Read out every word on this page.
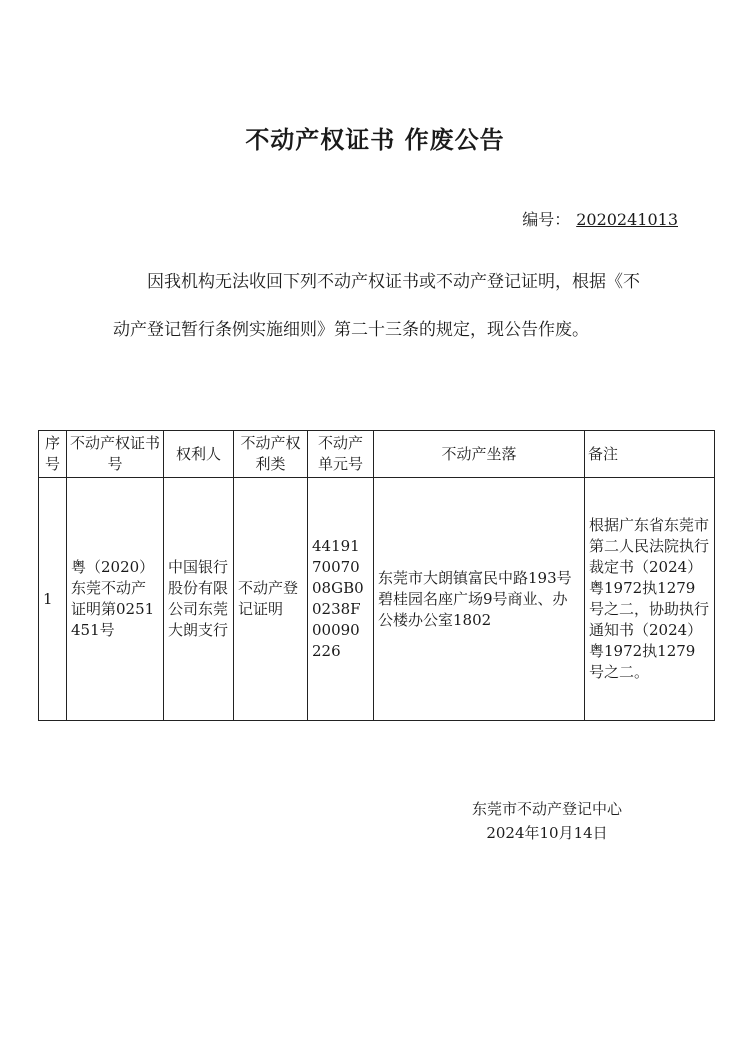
不动产权证书 作废公告
编号： 2020241013
因我机构无法收回下列不动产权证书或不动产登记证明，根据《不动产登记暂行条例实施细则》第二十三条的规定，现公告作废。
序号	不动产权证书号	权利人	不动产权利类	不动产单元号	不动产坐落	备注
1	粤（2020）东莞不动产证明第0251451号	中国银行股份有限公司东莞大朗支行	不动产登记证明	441917007008GB00238F00090226	东莞市大朗镇富民中路193号碧桂园名座广场9号商业、办公楼办公室1802	根据广东省东莞市第二人民法院执行裁定书（2024）粤1972执1279号之二，协助执行通知书（2024）粤1972执1279号之二。
东莞市不动产登记中心
2024年10月14日
